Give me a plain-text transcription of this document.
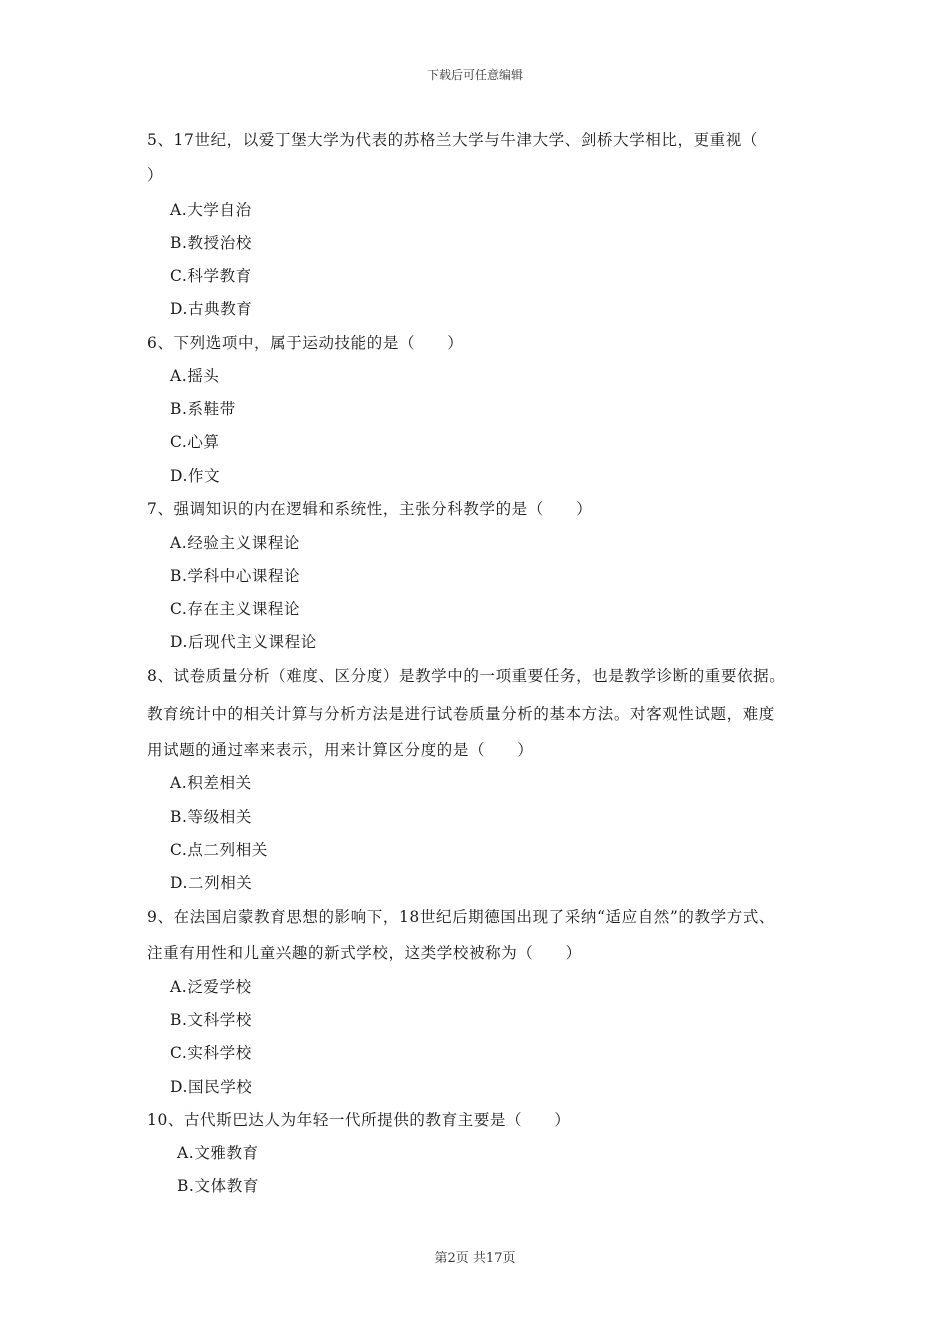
下载后可任意编辑
5、17世纪，以爱丁堡大学为代表的苏格兰大学与牛津大学、剑桥大学相比，更重视（
）
A.大学自治
B.教授治校
C.科学教育
D.古典教育
6、下列选项中，属于运动技能的是（　　）
A.摇头
B.系鞋带
C.心算
D.作文
7、强调知识的内在逻辑和系统性，主张分科教学的是（　　）
A.经验主义课程论
B.学科中心课程论
C.存在主义课程论
D.后现代主义课程论
8、试卷质量分析（难度、区分度）是教学中的一项重要任务，也是教学诊断的重要依据。
教育统计中的相关计算与分析方法是进行试卷质量分析的基本方法。对客观性试题，难度
用试题的通过率来表示，用来计算区分度的是（　　）
A.积差相关
B.等级相关
C.点二列相关
D.二列相关
9、在法国启蒙教育思想的影响下，18世纪后期德国出现了采纳“适应自然”的教学方式、
注重有用性和儿童兴趣的新式学校，这类学校被称为（　　）
A.泛爱学校
B.文科学校
C.实科学校
D.国民学校
10、古代斯巴达人为年轻一代所提供的教育主要是（　　）
A.文雅教育
B.文体教育
第2页 共17页
